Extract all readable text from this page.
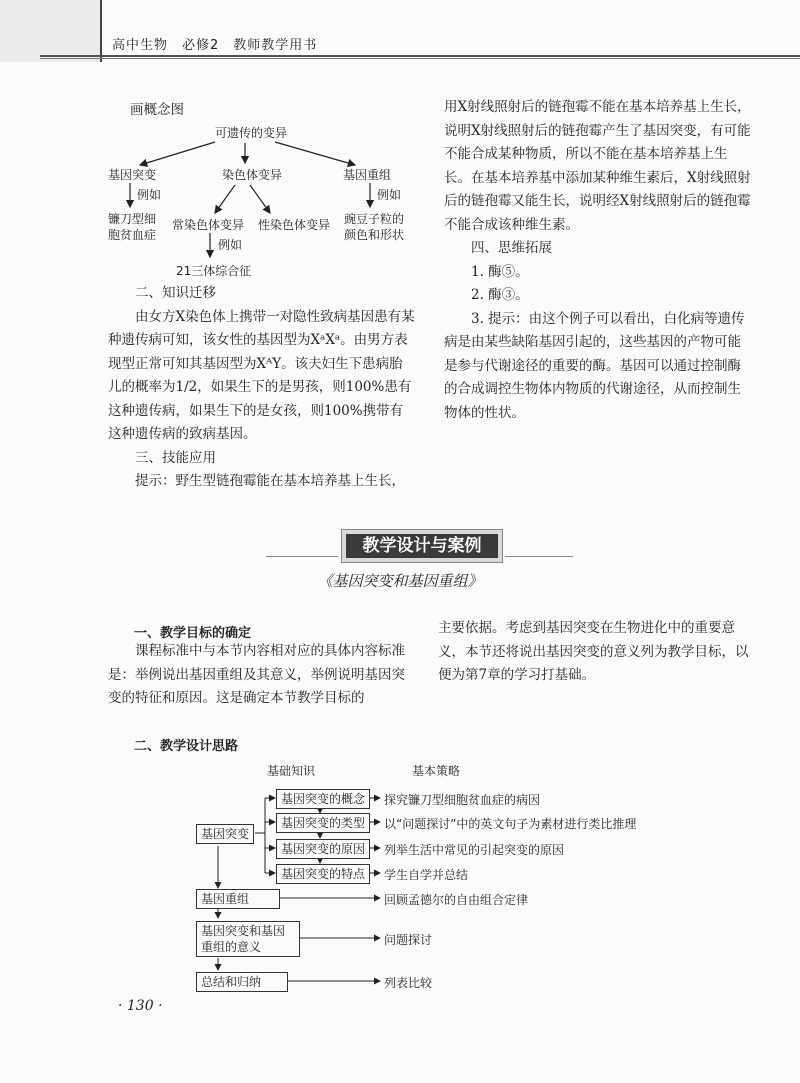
高中生物　必修2　教师教学用书
画概念图
可遗传的变异
基因突变	染色体变异	基因重组
例如	例如
镰刀型细
胞贫血症
常染色体变异 性染色体变异 豌豆子粒的
颜色和形状
例如
21三体综合征

二、知识迁移

由女方X染色体上携带一对隐性致病基因患有某种遗传病可知，该女性的基因型为XᵃXᵃ。由男方表现型正常可知其基因型为XᴬY。该夫妇生下患病胎儿的概率为1/2，如果生下的是男孩，则100%患有这种遗传病，如果生下的是女孩，则100%携带有这种遗传病的致病基因。

三、技能应用

提示：野生型链孢霉能在基本培养基上生长，

用X射线照射后的链孢霉不能在基本培养基上生长，说明X射线照射后的链孢霉产生了基因突变，有可能不能合成某种物质，所以不能在基本培养基上生长。在基本培养基中添加某种维生素后，X射线照射后的链孢霉又能生长，说明经X射线照射后的链孢霉不能合成该种维生素。

四、思维拓展

1. 酶⑤。

2. 酶③。

3. 提示：由这个例子可以看出，白化病等遗传病是由某些缺陷基因引起的，这些基因的产物可能是参与代谢途径的重要的酶。基因可以通过控制酶的合成调控生物体内物质的代谢途径，从而控制生物体的性状。

教学设计与案例
《基因突变和基因重组》
一、教学目标的确定

课程标准中与本节内容相对应的具体内容标准是：举例说出基因重组及其意义，举例说明基因突变的特征和原因。这是确定本节教学目标的

主要依据。考虑到基因突变在生物进化中的重要意义，本节还将说出基因突变的意义列为教学目标，以便为第7章的学习打基础。

二、教学设计思路
基础知识	基本策略
基因突变
基因突变的概念
基因突变的类型
基因突变的原因
基因突变的特点
探究镰刀型细胞贫血症的病因
以“问题探讨”中的英文句子为素材进行类比推理
列举生活中常见的引起突变的原因
学生自学并总结
基因重组	回顾孟德尔的自由组合定律
基因突变和基因
重组的意义	问题探讨
总结和归纳	列表比较
· 130 ·
